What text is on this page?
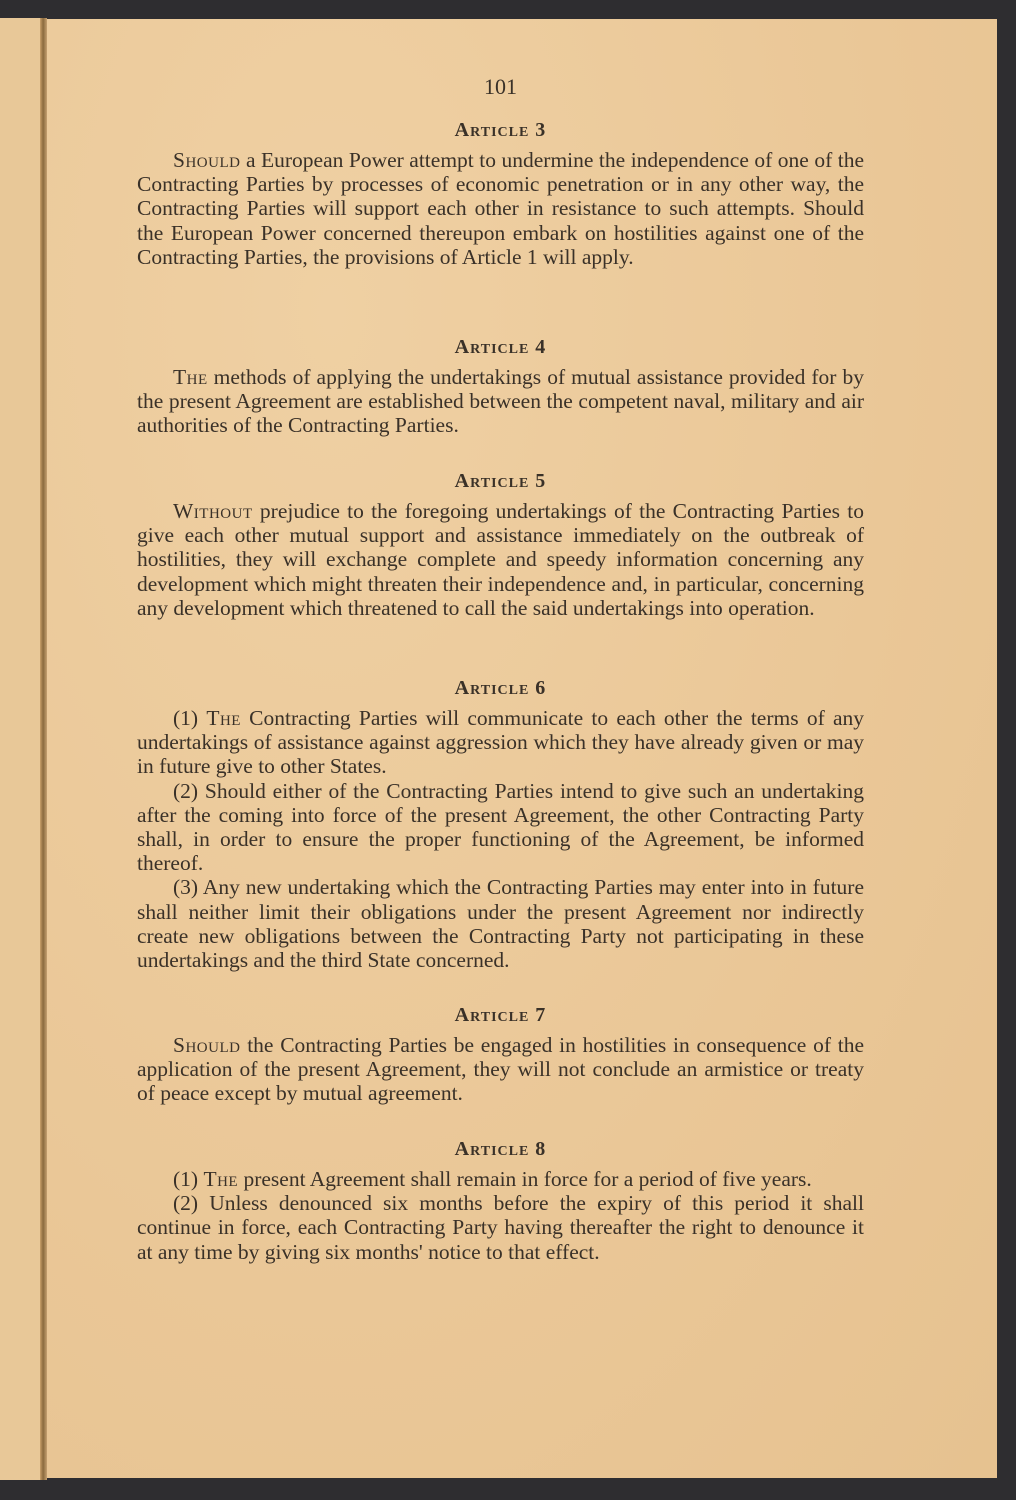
101
Article 3

Should a European Power attempt to undermine the independence of one of the Contracting Parties by processes of economic penetration or in any other way, the Contracting Parties will support each other in resistance to such attempts. Should the European Power concerned thereupon embark on hostilities against one of the Contracting Parties, the provisions of Article 1 will apply.

Article 4

The methods of applying the undertakings of mutual assistance provided for by the present Agreement are established between the competent naval, military and air authorities of the Contracting Parties.

Article 5

Without prejudice to the foregoing undertakings of the Contracting Parties to give each other mutual support and assistance immediately on the outbreak of hostilities, they will exchange complete and speedy information concerning any development which might threaten their independence and, in particular, concerning any development which threatened to call the said undertakings into operation.

Article 6

(1) The Contracting Parties will communicate to each other the terms of any undertakings of assistance against aggression which they have already given or may in future give to other States.

(2) Should either of the Contracting Parties intend to give such an undertaking after the coming into force of the present Agreement, the other Contracting Party shall, in order to ensure the proper functioning of the Agreement, be informed thereof.

(3) Any new undertaking which the Contracting Parties may enter into in future shall neither limit their obligations under the present Agreement nor indirectly create new obligations between the Contracting Party not participating in these undertakings and the third State concerned.

Article 7

Should the Contracting Parties be engaged in hostilities in consequence of the application of the present Agreement, they will not conclude an armistice or treaty of peace except by mutual agreement.

Article 8

(1) The present Agreement shall remain in force for a period of five years.

(2) Unless denounced six months before the expiry of this period it shall continue in force, each Contracting Party having thereafter the right to denounce it at any time by giving six months' notice to that effect.
